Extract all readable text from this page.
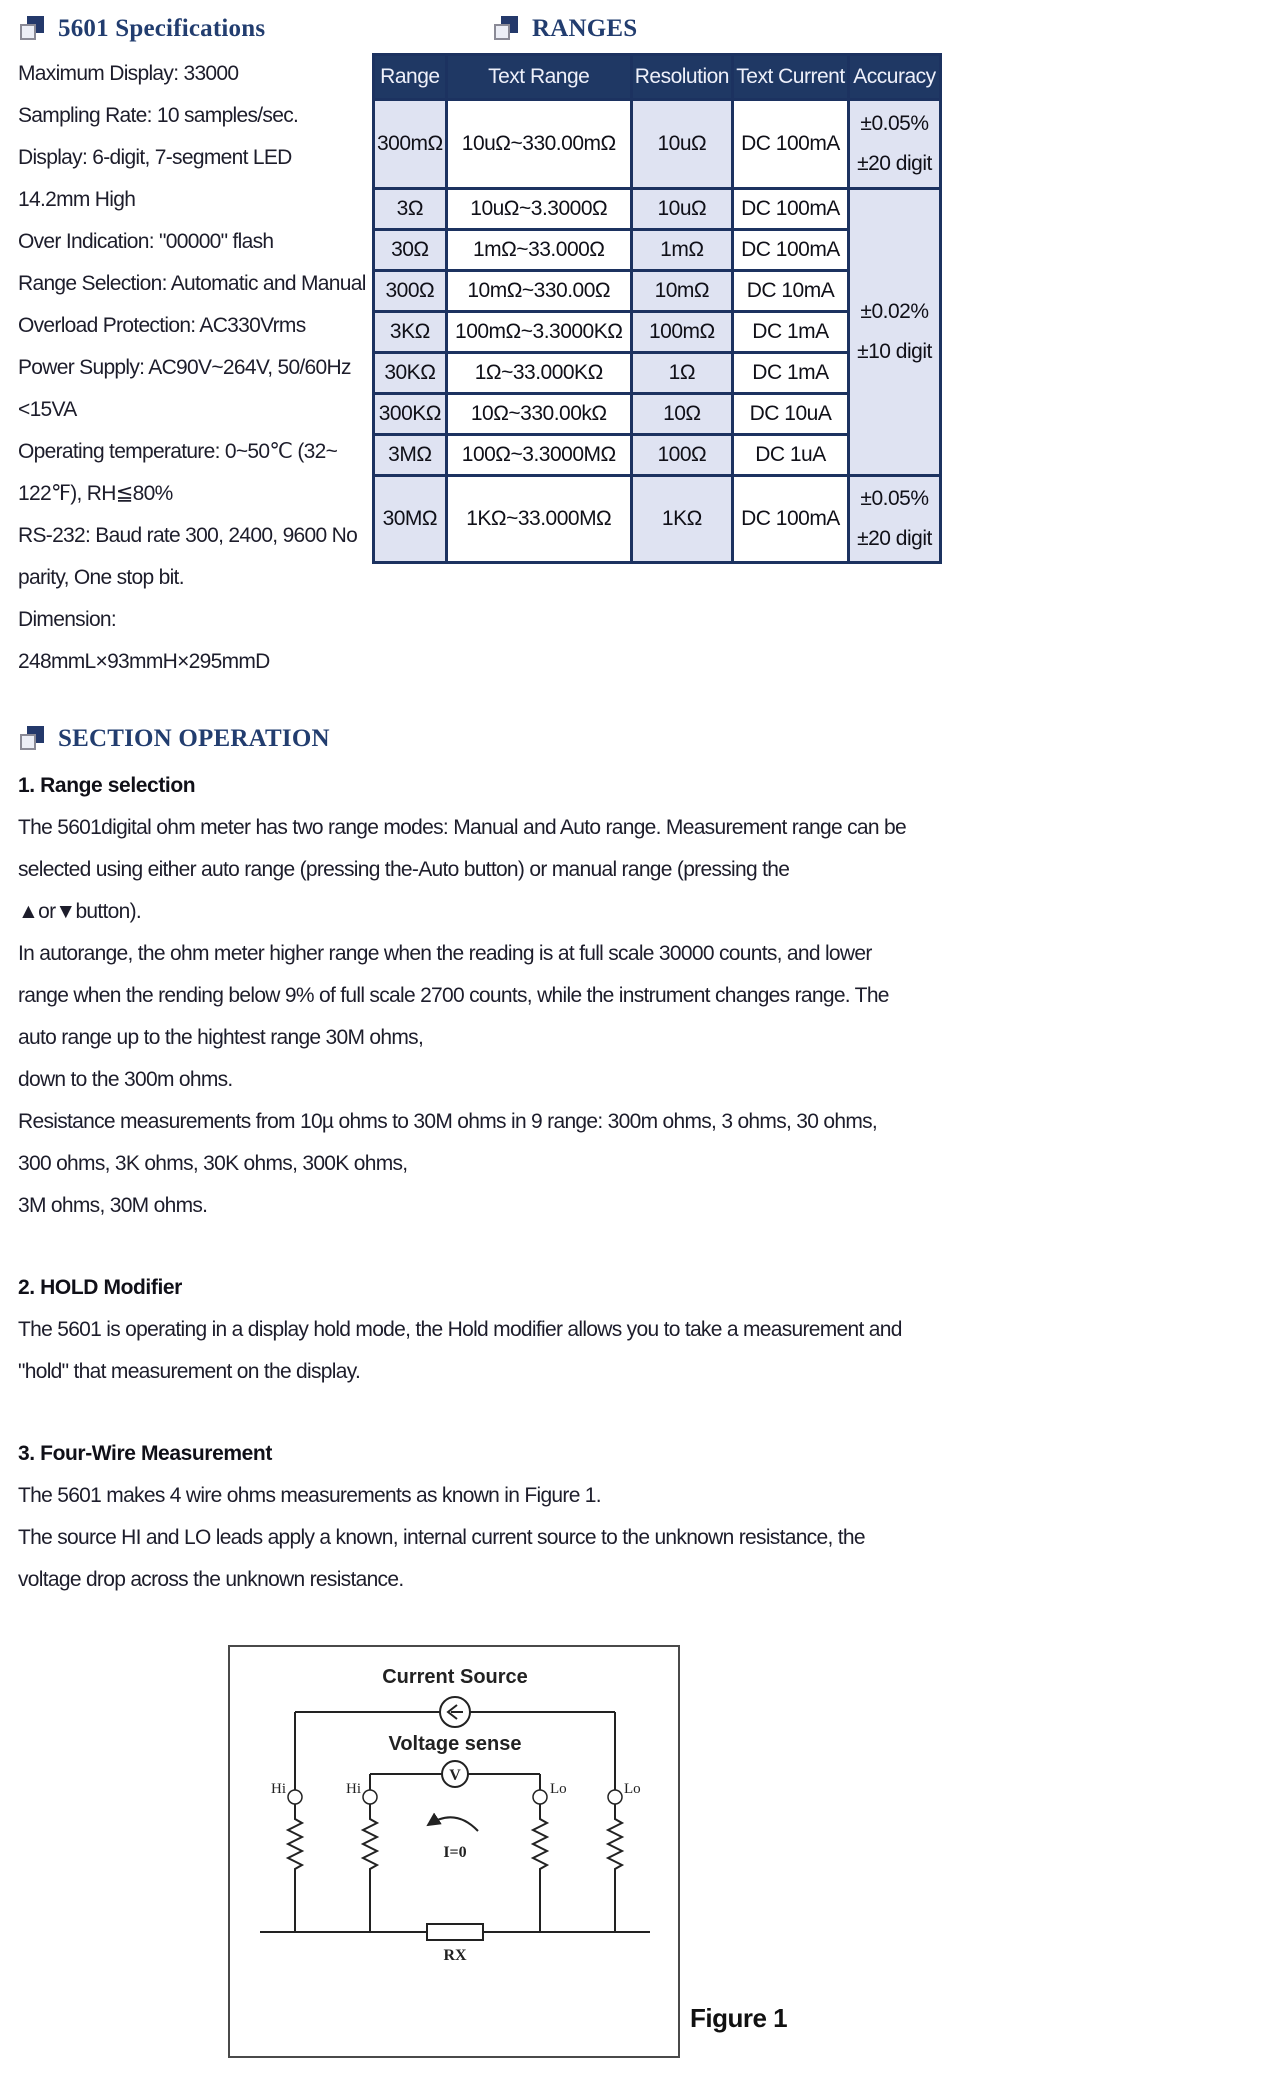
5601 Specifications
Maximum Display: 33000
Sampling Rate: 10 samples/sec.
Display: 6-digit, 7-segment LED
14.2mm High
Over Indication: "00000" flash
Range Selection: Automatic and Manual
Overload Protection: AC330Vrms
Power Supply: AC90V~264V, 50/60Hz
<15VA
Operating temperature: 0~50℃ (32~
122℉), RH≦80%
RS-232: Baud rate 300, 2400, 9600 No
parity, One stop bit.
Dimension:
248mmL×93mmH×295mmD
RANGES
Range	Text Range	Resolution	Text Current	Accuracy
300mΩ	10uΩ~330.00mΩ	10uΩ	DC 100mA	±0.05%
±20 digit

3Ω	10uΩ~3.3000Ω	10uΩ	DC 100mA	±0.02%
±10 digit

30Ω	1mΩ~33.000Ω	1mΩ	DC 100mA	
300Ω	10mΩ~330.00Ω	10mΩ	DC 10mA	
3KΩ	100mΩ~3.3000KΩ	100mΩ	DC 1mA	
30KΩ	1Ω~33.000KΩ	1Ω	DC 1mA	
300KΩ	10Ω~330.00kΩ	10Ω	DC 10uA	
3MΩ	100Ω~3.3000MΩ	100Ω	DC 1uA	
30MΩ	1KΩ~33.000MΩ	1KΩ	DC 100mA	±0.05%
±20 digit
SECTION OPERATION
1. Range selection
The 5601digital ohm meter has two range modes: Manual and Auto range. Measurement range can be
selected using either auto range (pressing the-Auto button) or manual range (pressing the
▲or▼button).
In autorange, the ohm meter higher range when the reading is at full scale 30000 counts, and lower
range when the rending below 9% of full scale 2700 counts, while the instrument changes range. The
auto range up to the hightest range 30M ohms,
down to the 300m ohms.
Resistance measurements from 10µ ohms to 30M ohms in 9 range: 300m ohms, 3 ohms, 30 ohms,
300 ohms, 3K ohms, 30K ohms, 300K ohms,
3M ohms, 30M ohms.
2. HOLD Modifier
The 5601 is operating in a display hold mode, the Hold modifier allows you to take a measurement and
"hold" that measurement on the display.
3. Four-Wire Measurement
The 5601 makes 4 wire ohms measurements as known in Figure 1.
The source HI and LO leads apply a known, internal current source to the unknown resistance, the
voltage drop across the unknown resistance.
Current Source
Voltage sense
V
Hi	Hi	Lo	Lo
I=0
RX
Figure 1
